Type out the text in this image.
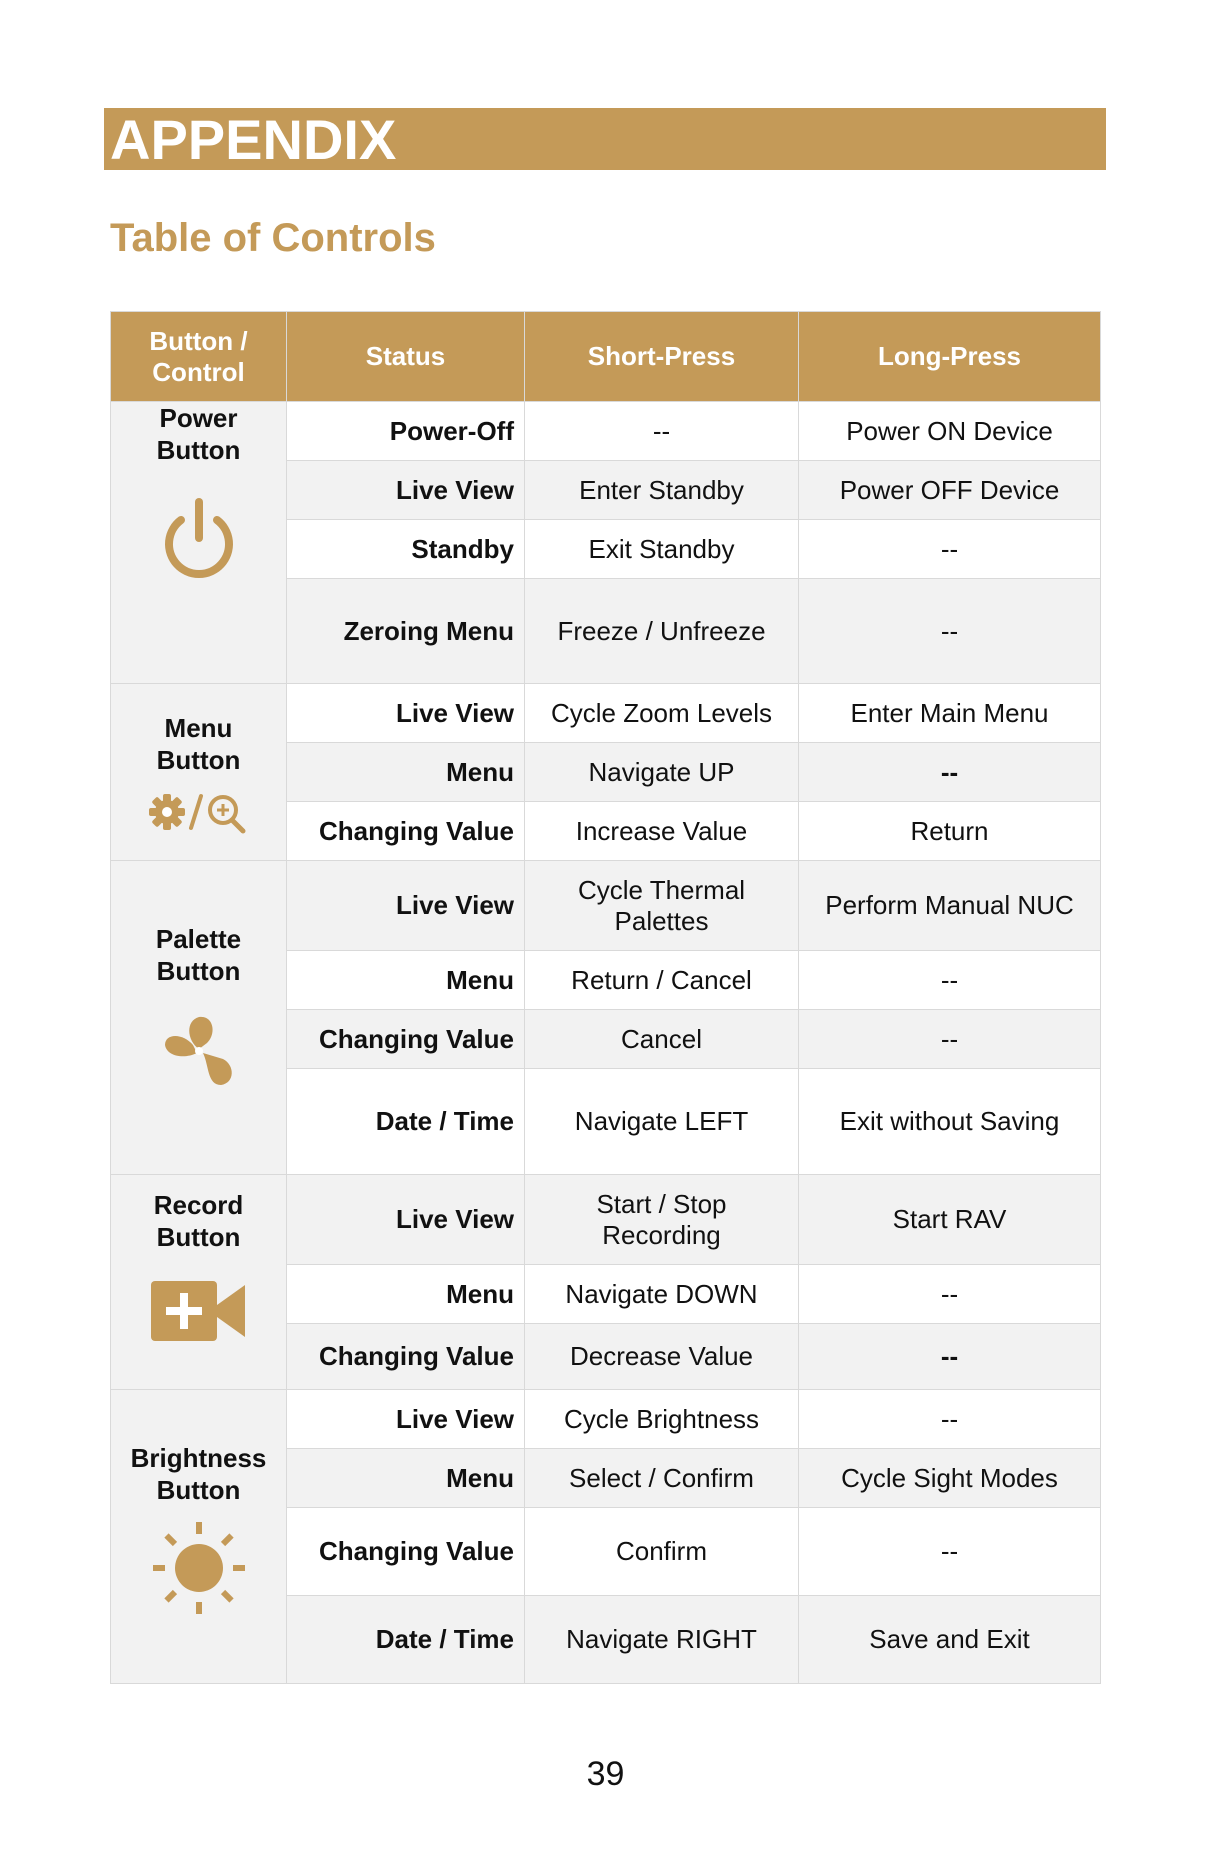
APPENDIX
Table of Controls
Button / Control	Status	Short-Press	Long-Press

Power Button	Power-Off	--	Power ON Device
	Live View	Enter Standby	Power OFF Device
	Standby	Exit Standby	--
	Zeroing Menu	Freeze / Unfreeze	--

Menu Button	Live View	Cycle Zoom Levels	Enter Main Menu
	Menu	Navigate UP	--
	Changing Value	Increase Value	Return

Palette Button	Live View	Cycle Thermal Palettes	Perform Manual NUC
	Menu	Return / Cancel	--
	Changing Value	Cancel	--
	Date / Time	Navigate LEFT	Exit without Saving

Record Button	Live View	Start / Stop Recording	Start RAV
	Menu	Navigate DOWN	--
	Changing Value	Decrease Value	--

Brightness Button	Live View	Cycle Brightness	--
	Menu	Select / Confirm	Cycle Sight Modes
	Changing Value	Confirm	--
	Date / Time	Navigate RIGHT	Save and Exit
39
